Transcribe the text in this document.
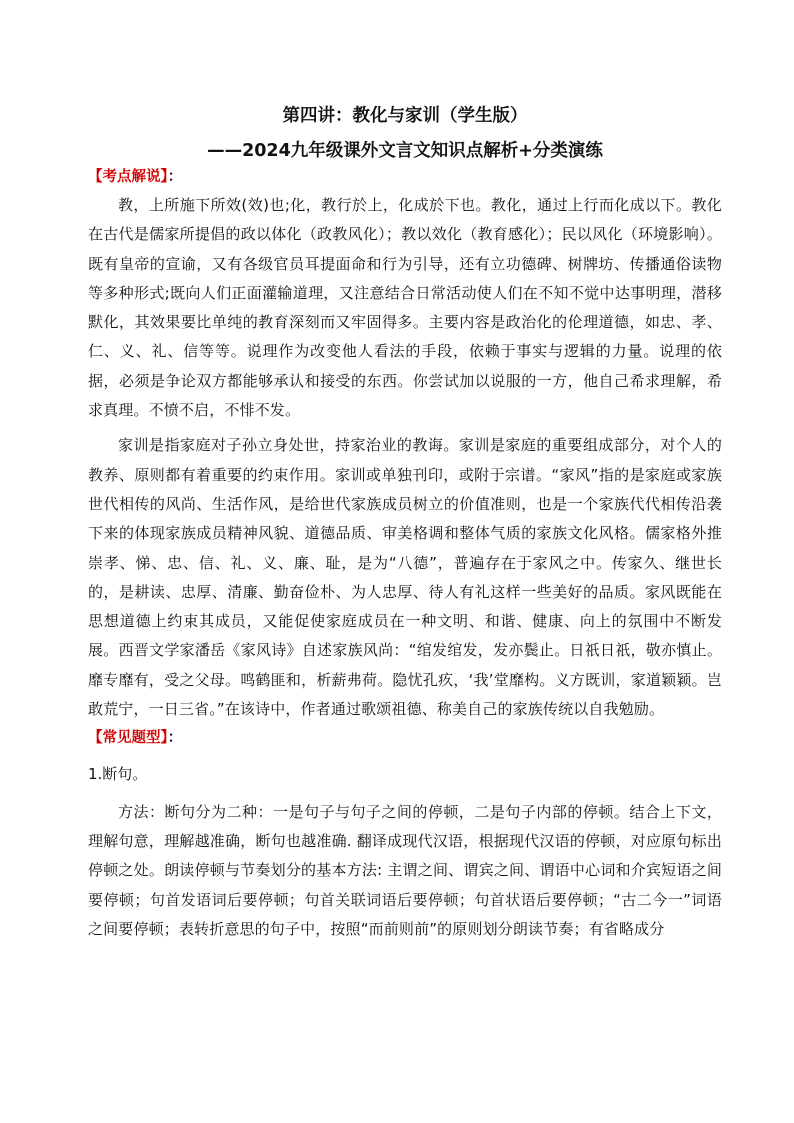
第四讲：教化与家训（学生版）
——2024九年级课外文言文知识点解析+分类演练
【考点解说】：

教，上所施下所效(效)也;化，教行於上，化成於下也。教化，通过上行而化成以下。教化在古代是儒家所提倡的政以体化（政教风化）；教以效化（教育感化）；民以风化（环境影响）。既有皇帝的宣谕，又有各级官员耳提面命和行为引导，还有立功德碑、树牌坊、传播通俗读物等多种形式;既向人们正面灌输道理，又注意结合日常活动使人们在不知不觉中达事明理，潜移默化，其效果要比单纯的教育深刻而又牢固得多。主要内容是政治化的伦理道德，如忠、孝、仁、义、礼、信等等。说理作为改变他人看法的手段，依赖于事实与逻辑的力量。说理的依据，必须是争论双方都能够承认和接受的东西。你尝试加以说服的一方，他自己希求理解，希求真理。不愤不启，不悱不发。

家训是指家庭对子孙立身处世，持家治业的教诲。家训是家庭的重要组成部分，对个人的教养、原则都有着重要的约束作用。家训或单独刊印，或附于宗谱。“家风”指的是家庭或家族世代相传的风尚、生活作风，是给世代家族成员树立的价值准则，也是一个家族代代相传沿袭下来的体现家族成员精神风貌、道德品质、审美格调和整体气质的家族文化风格。儒家格外推崇孝、悌、忠、信、礼、义、廉、耻，是为“八德”，普遍存在于家风之中。传家久、继世长的，是耕读、忠厚、清廉、勤奋俭朴、为人忠厚、待人有礼这样一些美好的品质。家风既能在思想道德上约束其成员，又能促使家庭成员在一种文明、和谐、健康、向上的氛围中不断发展。西晋文学家潘岳《家风诗》自述家族风尚：“绾发绾发，发亦鬓止。日祇日祇，敬亦慎止。靡专靡有，受之父母。鸣鹤匪和，析薪弗荷。隐忧孔疚，‘我’堂靡构。义方既训，家道颖颖。岂敢荒宁，一日三省。”在该诗中，作者通过歌颂祖德、称美自己的家族传统以自我勉励。

【常见题型】：

1.断句。

方法：断句分为二种：一是句子与句子之间的停顿，二是句子内部的停顿。结合上下文，理解句意，理解越准确，断句也越准确. 翻译成现代汉语，根据现代汉语的停顿，对应原句标出停顿之处。朗读停顿与节奏划分的基本方法: 主谓之间、谓宾之间、谓语中心词和介宾短语之间要停顿；句首发语词后要停顿；句首关联词语后要停顿；句首状语后要停顿；“古二今一”词语之间要停顿；表转折意思的句子中，按照“而前则前”的原则划分朗读节奏；有省略成分
